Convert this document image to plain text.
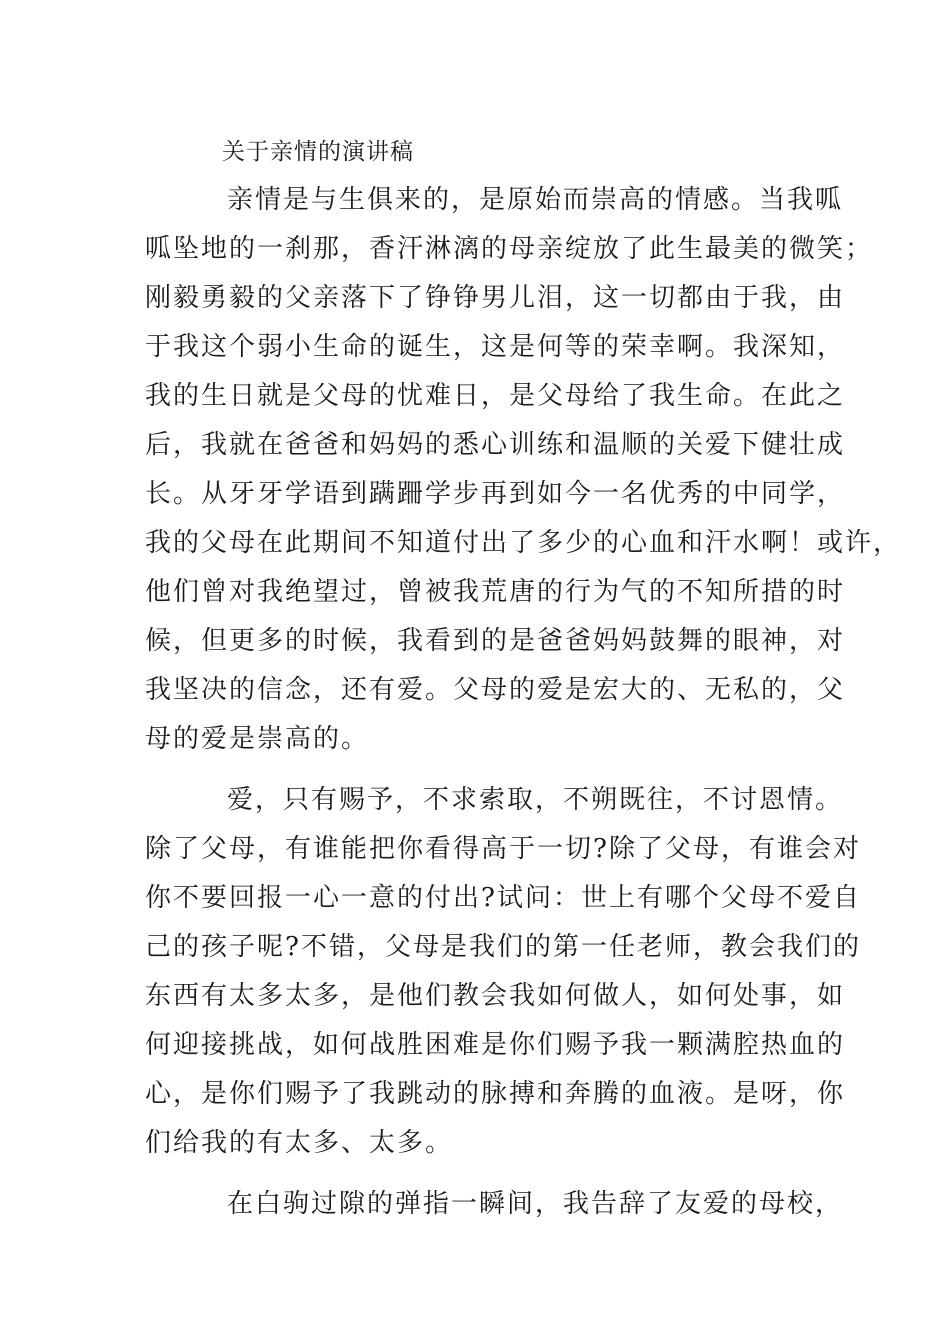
关于亲情的演讲稿
亲情是与生俱来的，是原始而崇高的情感。当我呱
呱坠地的一刹那，香汗淋漓的母亲绽放了此生最美的微笑；
刚毅勇毅的父亲落下了铮铮男儿泪，这一切都由于我，由
于我这个弱小生命的诞生，这是何等的荣幸啊。我深知，
我的生日就是父母的忧难日，是父母给了我生命。在此之
后，我就在爸爸和妈妈的悉心训练和温顺的关爱下健壮成
长。从牙牙学语到蹒跚学步再到如今一名优秀的中同学，
我的父母在此期间不知道付出了多少的心血和汗水啊！或许，
他们曾对我绝望过，曾被我荒唐的行为气的不知所措的时
候，但更多的时候，我看到的是爸爸妈妈鼓舞的眼神，对
我坚决的信念，还有爱。父母的爱是宏大的、无私的，父
母的爱是崇高的。
爱，只有赐予，不求索取，不朔既往，不讨恩情。
除了父母，有谁能把你看得高于一切?除了父母，有谁会对
你不要回报一心一意的付出?试问：世上有哪个父母不爱自
己的孩子呢?不错，父母是我们的第一任老师，教会我们的
东西有太多太多，是他们教会我如何做人，如何处事，如
何迎接挑战，如何战胜困难是你们赐予我一颗满腔热血的
心，是你们赐予了我跳动的脉搏和奔腾的血液。是呀，你
们给我的有太多、太多。
在白驹过隙的弹指一瞬间，我告辞了友爱的母校，
